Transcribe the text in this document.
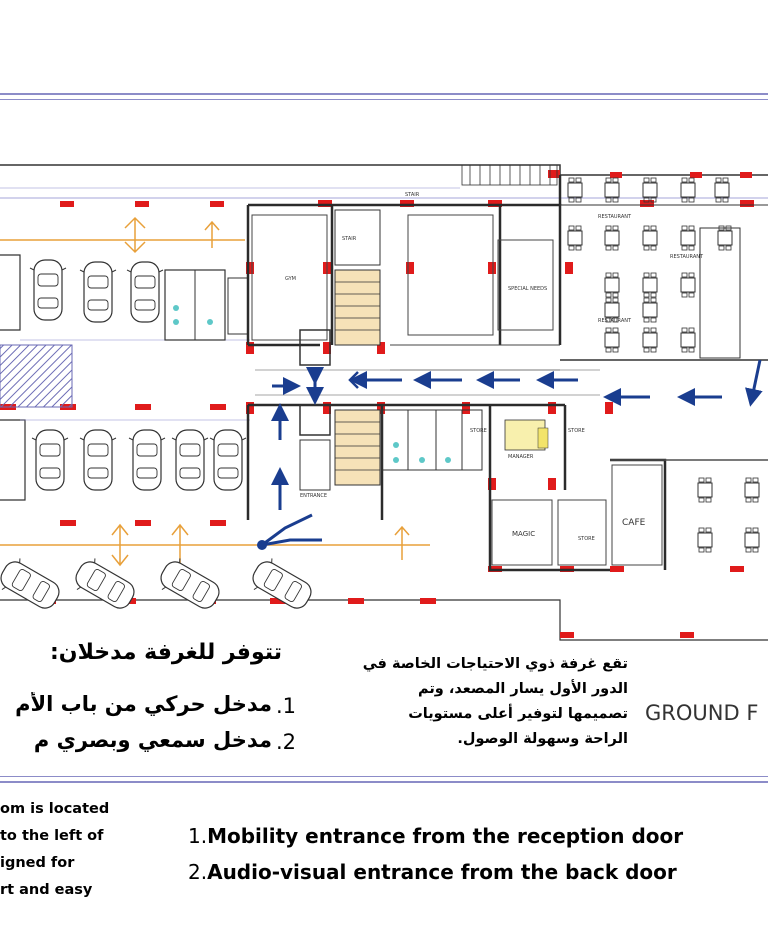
STAIR
STAIR
GYM
RESTAURANT
RESTAURANT
RESTAURANT
SPECIAL NEEDS
STORE
MANAGER
STORE
ENTRANCE
STORE
MAGIC
CAFE
GROUND F
تتوفر للغرفة مدخلان:
مدخل حركي من باب الأم .1
مدخل سمعي وبصري م .2
تقع غرفة ذوي الاحتياجات الخاصة في
الدور الأول يسار المصعد، وتم
تصميمها لتوفير أعلى مستويات
الراحة وسهولة الوصول.
om is located
to the left of
igned for
rt and easy
1.Mobility entrance from the reception door
2.Audio-visual entrance from the back door
